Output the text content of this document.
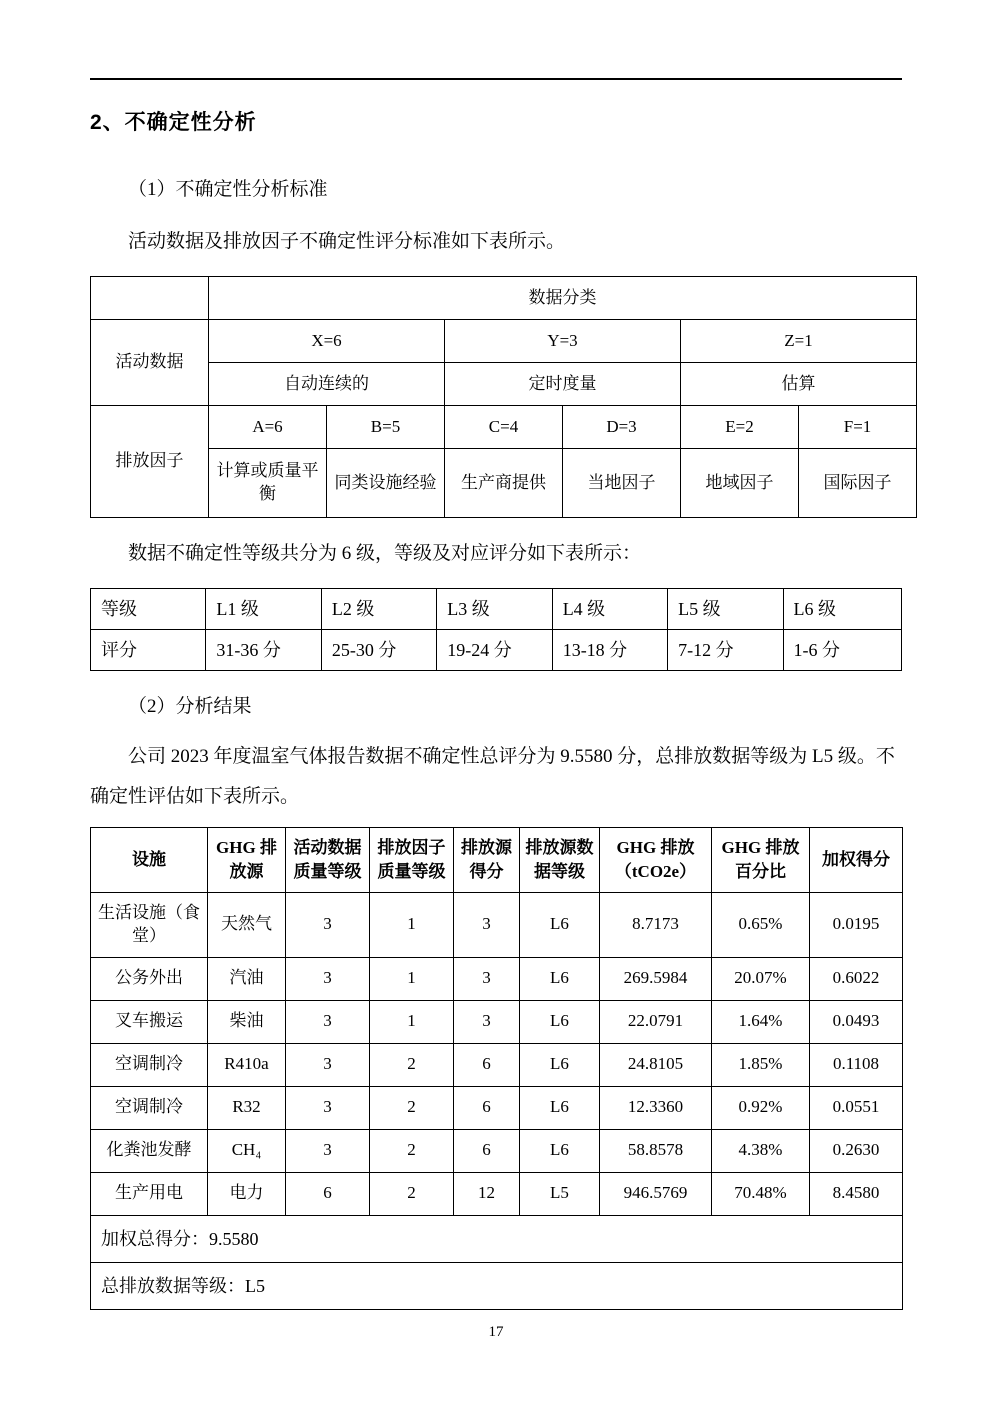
2、不确定性分析

（1）不确定性分析标准

活动数据及排放因子不确定性评分标准如下表所示。

	数据分类					
活动数据	X=6		Y=3		Z=1	
	自动连续的		定时度量		估算	
排放因子	A=6	B=5	C=4	D=3	E=2	F=1
	计算或质量平衡	同类设施经验	生产商提供	当地因子	地域因子	国际因子

数据不确定性等级共分为 6 级，等级及对应评分如下表所示：

等级	L1 级	L2 级	L3 级	L4 级	L5 级	L6 级
评分	31-36 分	25-30 分	19-24 分	13-18 分	7-12 分	1-6 分

（2）分析结果

公司 2023 年度温室气体报告数据不确定性总评分为 9.5580 分，总排放数据等级为 L5 级。不确定性评估如下表所示。

设施	GHG 排放源	活动数据质量等级	排放因子质量等级	排放源得分	排放源数据等级	GHG 排放（tCO2e）	GHG 排放百分比	加权得分
生活设施（食堂）	天然气	3	1	3	L6	8.7173	0.65%	0.0195
公务外出	汽油	3	1	3	L6	269.5984	20.07%	0.6022
叉车搬运	柴油	3	1	3	L6	22.0791	1.64%	0.0493
空调制冷	R410a	3	2	6	L6	24.8105	1.85%	0.1108
空调制冷	R32	3	2	6	L6	12.3360	0.92%	0.0551
化粪池发酵	CH₄	3	2	6	L6	58.8578	4.38%	0.2630
生产用电	电力	6	2	12	L5	946.5769	70.48%	8.4580
加权总得分：9.5580								
总排放数据等级：L5								
17
